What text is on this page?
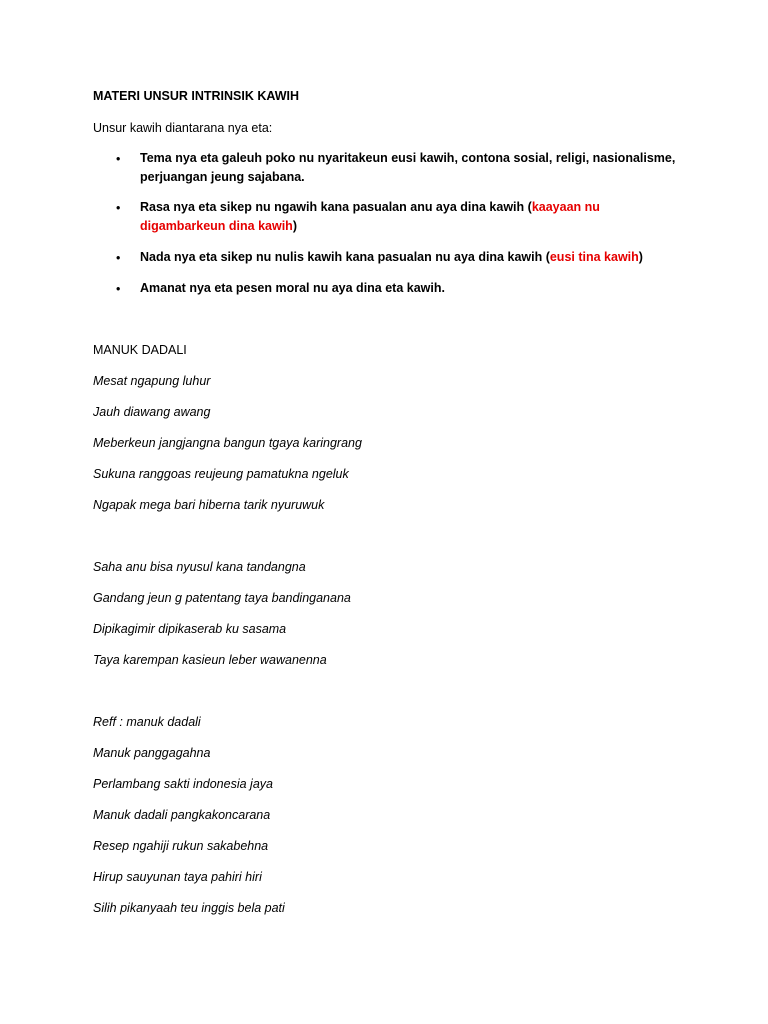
MATERI UNSUR INTRINSIK KAWIH
Unsur kawih diantarana nya eta:
• Tema nya eta galeuh poko nu nyaritakeun eusi kawih, contona sosial, religi, nasionalisme, perjuangan jeung sajabana.
• Rasa nya eta sikep nu ngawih kana pasualan anu aya dina kawih (kaayaan nu digambarkeun dina kawih)
• Nada nya eta sikep nu nulis kawih kana pasualan nu aya dina kawih (eusi tina kawih)
• Amanat nya eta pesen moral nu aya dina eta kawih.
MANUK DADALI
Mesat ngapung luhur
Jauh diawang awang
Meberkeun jangjangna bangun tgaya karingrang
Sukuna ranggoas reujeung pamatukna ngeluk
Ngapak mega bari hiberna tarik nyuruwuk
Saha anu bisa nyusul kana tandangna
Gandang jeun g patentang taya bandinganana
Dipikagimir dipikaserab ku sasama
Taya karempan kasieun leber wawanenna
Reff : manuk dadali
Manuk panggagahna
Perlambang sakti indonesia jaya
Manuk dadali pangkakoncarana
Resep ngahiji rukun sakabehna
Hirup sauyunan taya pahiri hiri
Silih pikanyaah teu inggis bela pati
